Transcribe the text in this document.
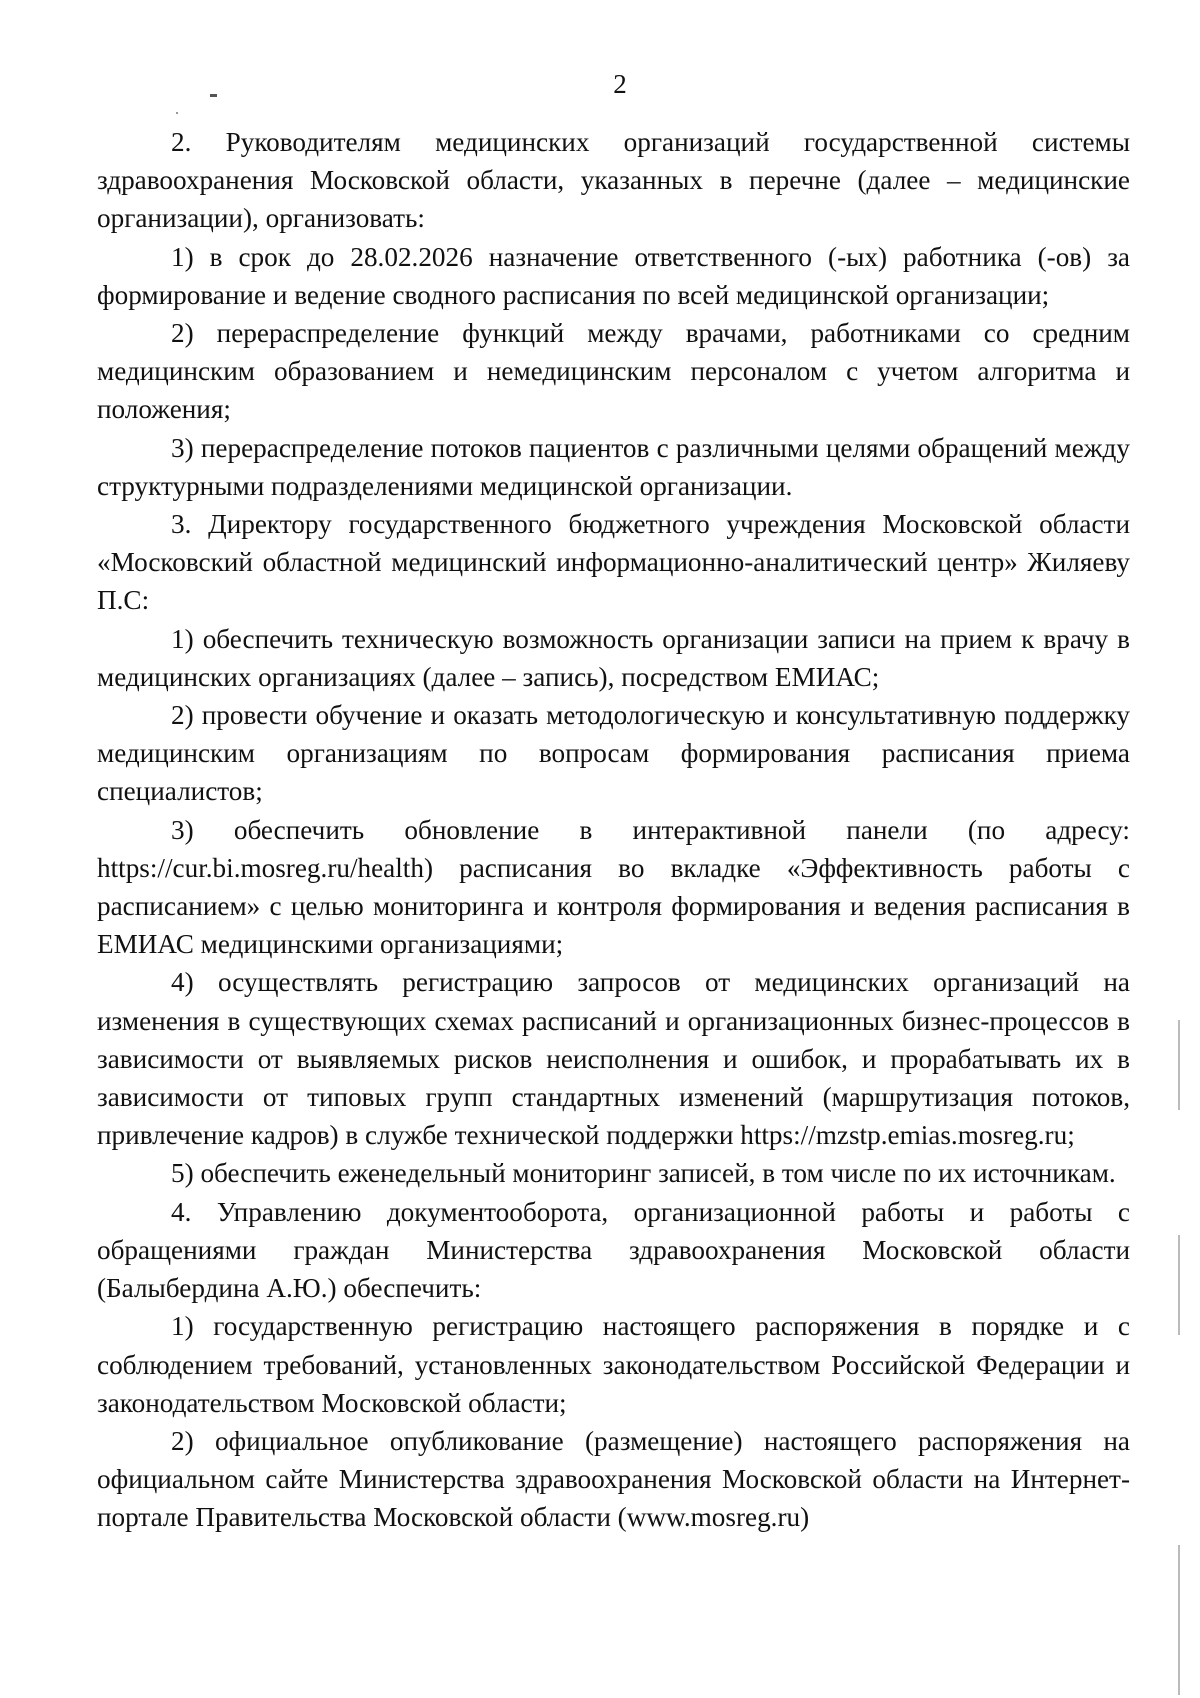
2

2. Руководителям медицинских организаций государственной системы здравоохранения Московской области, указанных в перечне (далее – медицинские организации), организовать:

1) в срок до 28.02.2026 назначение ответственного (-ых) работника (-ов) за формирование и ведение сводного расписания по всей медицинской организации;

2) перераспределение функций между врачами, работниками со средним медицинским образованием и немедицинским персоналом с учетом алгоритма и положения;

3) перераспределение потоков пациентов с различными целями обращений между структурными подразделениями медицинской организации.

3. Директору государственного бюджетного учреждения Московской области «Московский областной медицинский информационно-аналитический центр» Жиляеву П.С:

1) обеспечить техническую возможность организации записи на прием к врачу в медицинских организациях (далее – запись), посредством ЕМИАС;

2) провести обучение и оказать методологическую и консультативную поддержку медицинским организациям по вопросам формирования расписания приема специалистов;

3) обеспечить обновление в интерактивной панели (по адресу: https://cur.bi.mosreg.ru/health) расписания во вкладке «Эффективность работы с расписанием» с целью мониторинга и контроля формирования и ведения расписания в ЕМИАС медицинскими организациями;

4) осуществлять регистрацию запросов от медицинских организаций на изменения в существующих схемах расписаний и организационных бизнес-процессов в зависимости от выявляемых рисков неисполнения и ошибок, и прорабатывать их в зависимости от типовых групп стандартных изменений (маршрутизация потоков, привлечение кадров) в службе технической поддержки https://mzstp.emias.mosreg.ru;

5) обеспечить еженедельный мониторинг записей, в том числе по их источникам.

4. Управлению документооборота, организационной работы и работы с обращениями граждан Министерства здравоохранения Московской области (Балыбердина А.Ю.) обеспечить:

1) государственную регистрацию настоящего распоряжения в порядке и с соблюдением требований, установленных законодательством Российской Федерации и законодательством Московской области;

2) официальное опубликование (размещение) настоящего распоряжения на официальном сайте Министерства здравоохранения Московской области на Интернет-портале Правительства Московской области (www.mosreg.ru)
